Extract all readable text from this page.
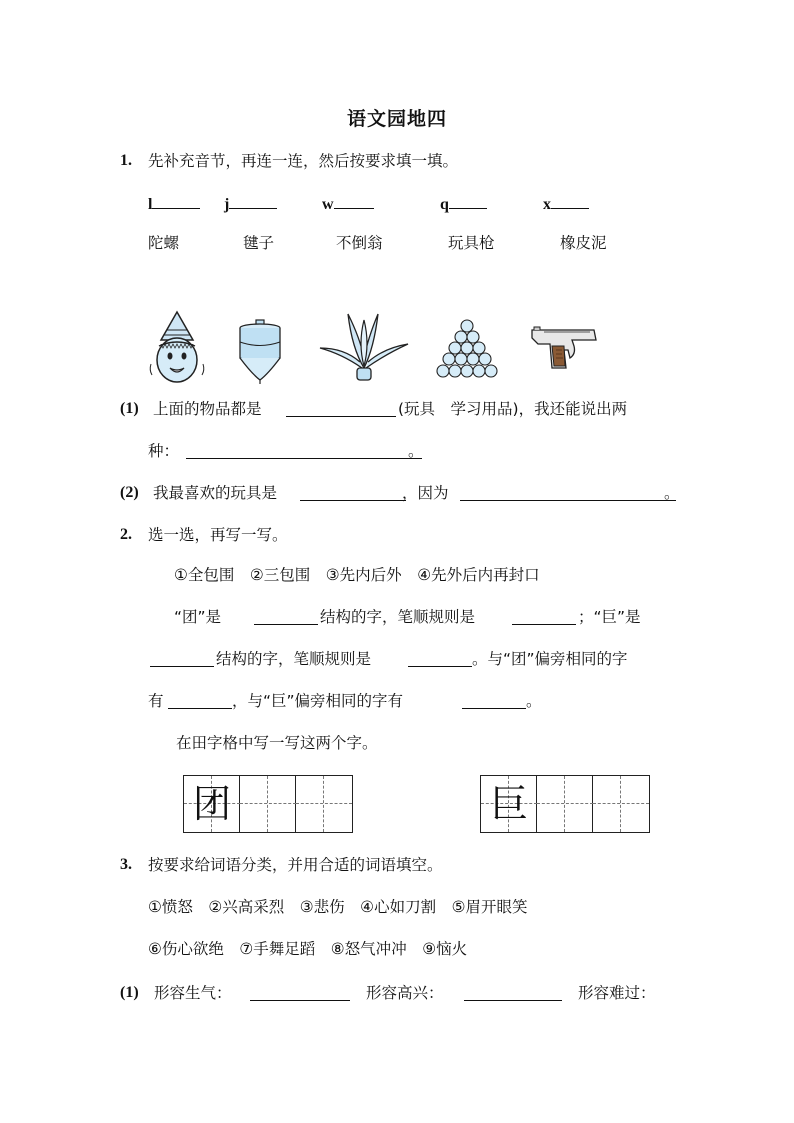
语文园地四
1. 先补充音节，再连一连，然后按要求填一填。
l	j	w	q	x
陀螺	毽子	不倒翁	玩具枪	橡皮泥
(1) 上面的物品都是	(玩具　学习用品)，我还能说出两
种：	。
(2) 我最喜欢的玩具是	，因为	。
2. 选一选，再写一写。
①全包围　②三包围　③先内后外　④先外后内再封口
“团”是	结构的字，笔顺规则是	；“巨”是
结构的字，笔顺规则是	。与“团”偏旁相同的字
有	，与“巨”偏旁相同的字有	。
在田字格中写一写这两个字。
团	巨
3. 按要求给词语分类，并用合适的词语填空。
①愤怒　②兴高采烈　③悲伤　④心如刀割　⑤眉开眼笑
⑥伤心欲绝　⑦手舞足蹈　⑧怒气冲冲　⑨恼火
(1) 形容生气：	形容高兴：	形容难过：
